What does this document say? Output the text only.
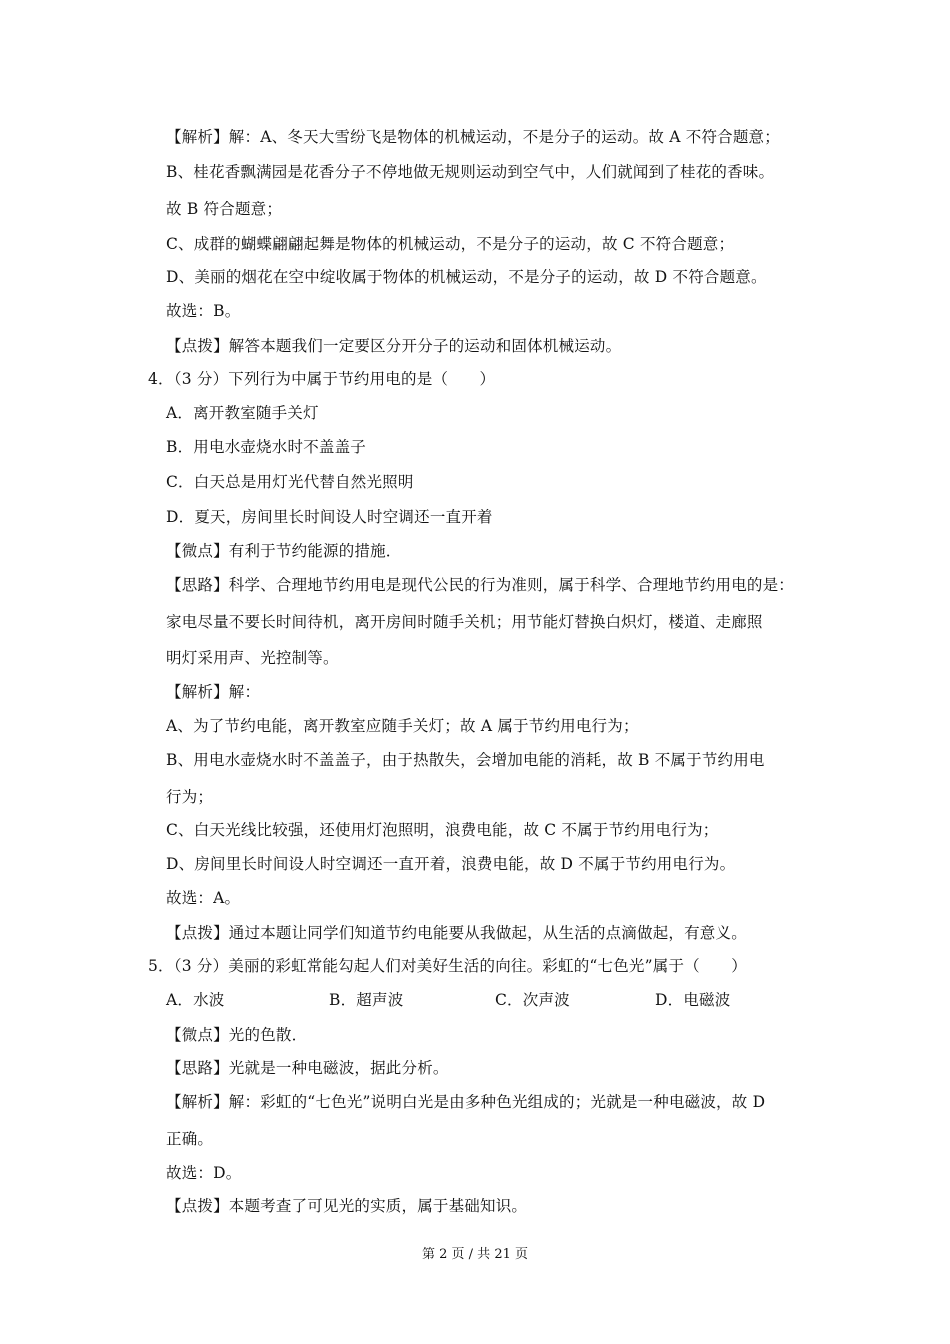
【解析】解：A、冬天大雪纷飞是物体的机械运动，不是分子的运动。故 A 不符合题意；
B、桂花香飘满园是花香分子不停地做无规则运动到空气中，人们就闻到了桂花的香味。
故 B 符合题意；
C、成群的蝴蝶翩翩起舞是物体的机械运动，不是分子的运动，故 C 不符合题意；
D、美丽的烟花在空中绽收属于物体的机械运动，不是分子的运动，故 D 不符合题意。
故选：B。
【点拨】解答本题我们一定要区分开分子的运动和固体机械运动。
4．（3 分）下列行为中属于节约用电的是（　　）
A．离开教室随手关灯
B．用电水壶烧水时不盖盖子
C．白天总是用灯光代替自然光照明
D．夏天，房间里长时间设人时空调还一直开着
【微点】有利于节约能源的措施．
【思路】科学、合理地节约用电是现代公民的行为准则，属于科学、合理地节约用电的是：
家电尽量不要长时间待机，离开房间时随手关机；用节能灯替换白炽灯，楼道、走廊照
明灯采用声、光控制等。
【解析】解：
A、为了节约电能，离开教室应随手关灯；故 A 属于节约用电行为；
B、用电水壶烧水时不盖盖子，由于热散失，会增加电能的消耗，故 B 不属于节约用电
行为；
C、白天光线比较强，还使用灯泡照明，浪费电能，故 C 不属于节约用电行为；
D、房间里长时间设人时空调还一直开着，浪费电能，故 D 不属于节约用电行为。
故选：A。
【点拨】通过本题让同学们知道节约电能要从我做起，从生活的点滴做起，有意义。
5．（3 分）美丽的彩虹常能勾起人们对美好生活的向往。彩虹的“七色光”属于（　　）
A．水波	B．超声波	C．次声波	D．电磁波
【微点】光的色散．
【思路】光就是一种电磁波，据此分析。
【解析】解：彩虹的“七色光”说明白光是由多种色光组成的；光就是一种电磁波，故 D
正确。
故选：D。
【点拨】本题考查了可见光的实质，属于基础知识。
第 2 页 / 共 21 页
